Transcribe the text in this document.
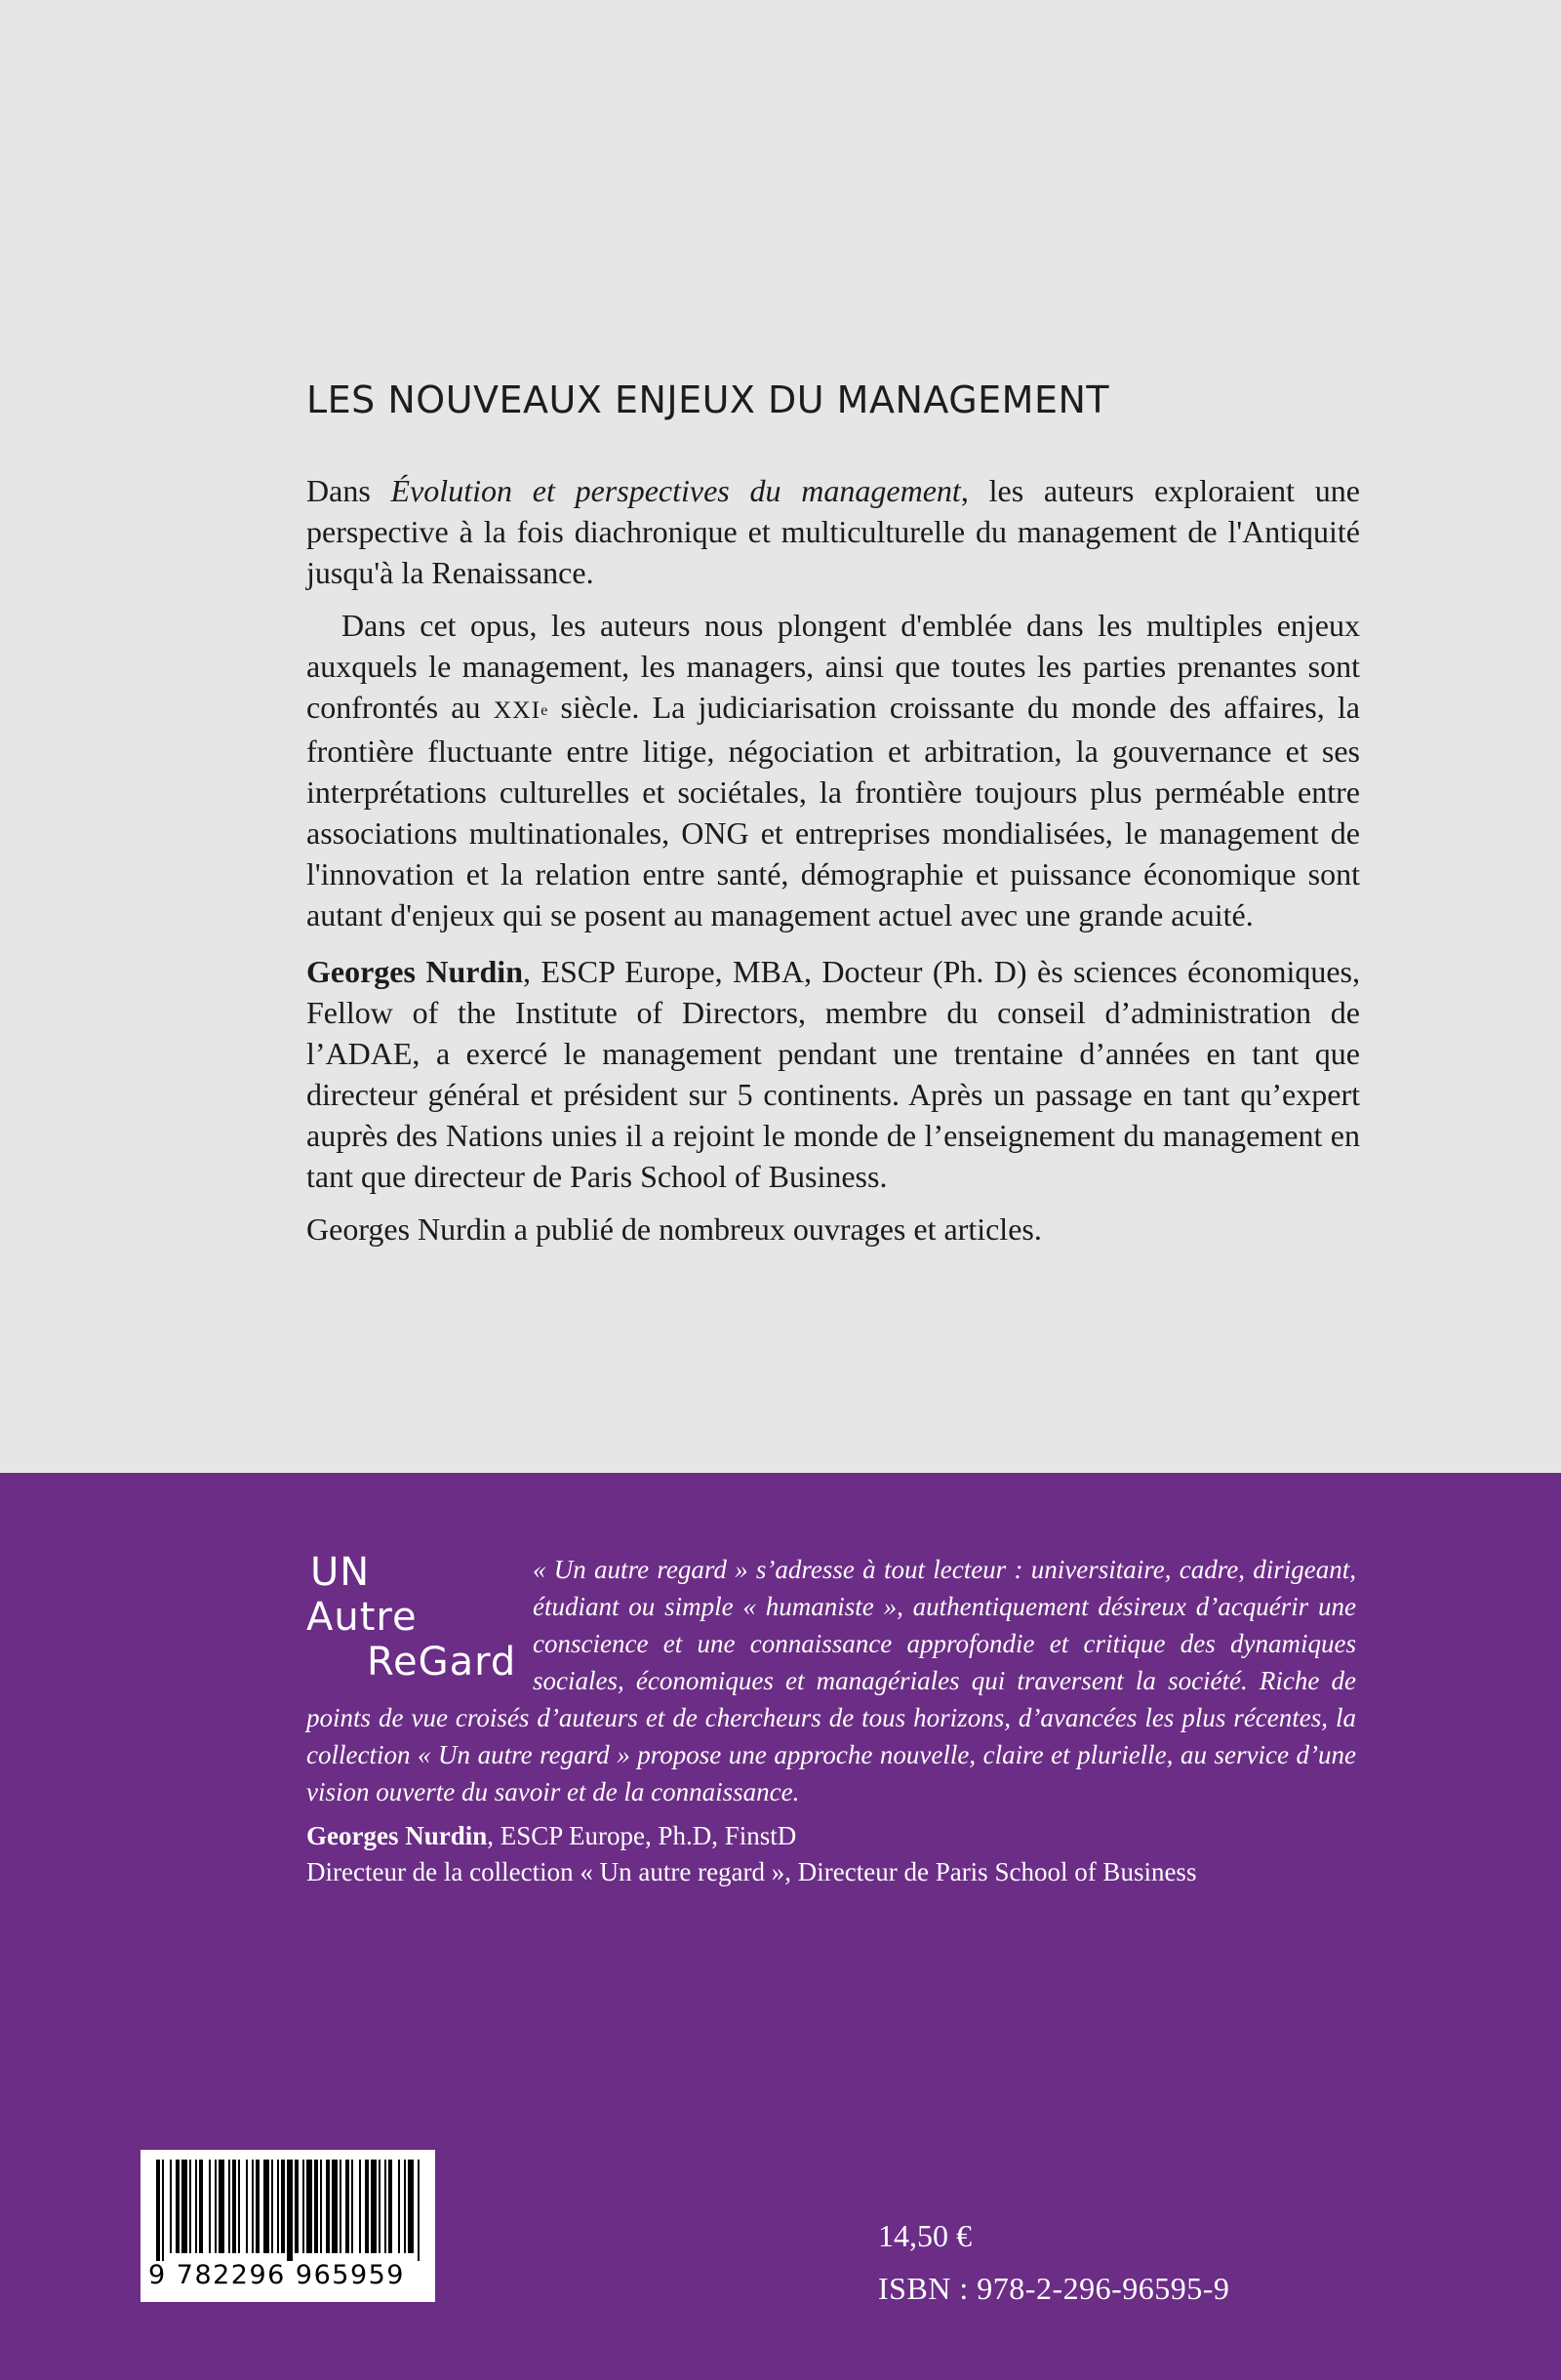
LES NOUVEAUX ENJEUX DU MANAGEMENT

Dans Évolution et perspectives du management, les auteurs exploraient une perspective à la fois diachronique et multiculturelle du management de l'Antiquité jusqu'à la Renaissance.

Dans cet opus, les auteurs nous plongent d'emblée dans les multiples enjeux auxquels le management, les managers, ainsi que toutes les parties prenantes sont confrontés au XXIe siècle. La judiciarisation croissante du monde des affaires, la frontière fluctuante entre litige, négociation et arbitration, la gouvernance et ses interprétations culturelles et sociétales, la frontière toujours plus perméable entre associations multinationales, ONG et entreprises mondialisées, le management de l'innovation et la relation entre santé, démographie et puissance économique sont autant d'enjeux qui se posent au management actuel avec une grande acuité.

Georges Nurdin, ESCP Europe, MBA, Docteur (Ph. D) ès sciences économiques, Fellow of the Institute of Directors, membre du conseil d’administration de l’ADAE, a exercé le management pendant une trentaine d’années en tant que directeur général et président sur 5 continents. Après un passage en tant qu’expert auprès des Nations unies il a rejoint le monde de l’enseignement du management en tant que directeur de Paris School of Business.

Georges Nurdin a publié de nombreux ouvrages et articles.

UN
Autre
ReGard
« Un autre regard » s’adresse à tout lecteur : universitaire, cadre, dirigeant, étudiant ou simple « humaniste », authentiquement désireux d’acquérir une conscience et une connaissance approfondie et critique des dynamiques sociales, économiques et managériales qui traversent la société. Riche de points de vue croisés d’auteurs et de chercheurs de tous horizons, d’avancées les plus récentes, la collection « Un autre regard » propose une approche nouvelle, claire et plurielle, au service d’une vision ouverte du savoir et de la connaissance.
Georges Nurdin, ESCP Europe, Ph.D, FinstD
Directeur de la collection « Un autre regard », Directeur de Paris School of Business
9 782296 965959
14,50 €
ISBN : 978-2-296-96595-9
